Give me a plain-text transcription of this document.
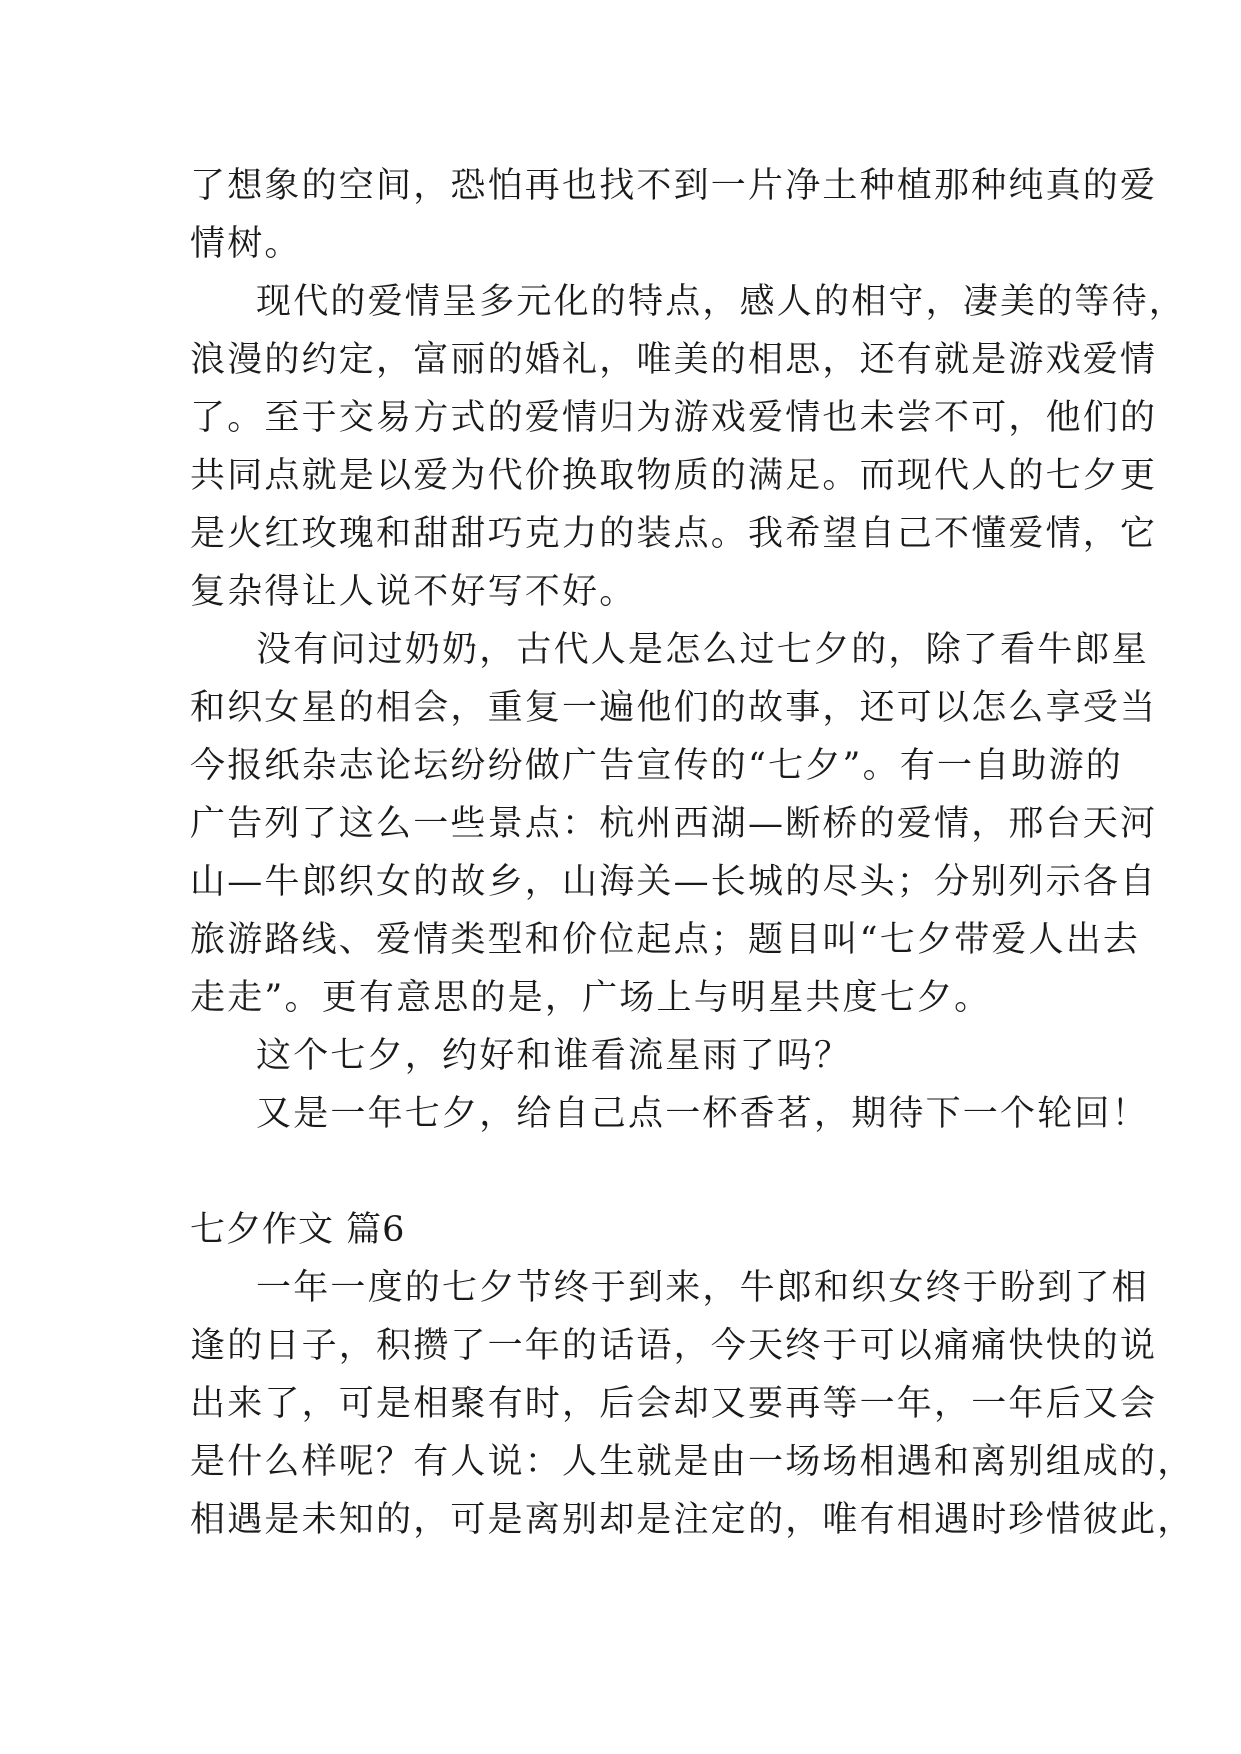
了想象的空间，恐怕再也找不到一片净土种植那种纯真的爱
情树。
现代的爱情呈多元化的特点，感人的相守，凄美的等待，
浪漫的约定，富丽的婚礼，唯美的相思，还有就是游戏爱情
了。至于交易方式的爱情归为游戏爱情也未尝不可，他们的
共同点就是以爱为代价换取物质的满足。而现代人的七夕更
是火红玫瑰和甜甜巧克力的装点。我希望自己不懂爱情，它
复杂得让人说不好写不好。
没有问过奶奶，古代人是怎么过七夕的，除了看牛郎星
和织女星的相会，重复一遍他们的故事，还可以怎么享受当
今报纸杂志论坛纷纷做广告宣传的“七夕”。有一自助游的
广告列了这么一些景点：杭州西湖—断桥的爱情，邢台天河
山—牛郎织女的故乡，山海关—长城的尽头；分别列示各自
旅游路线、爱情类型和价位起点；题目叫“七夕带爱人出去
走走”。更有意思的是，广场上与明星共度七夕。
这个七夕，约好和谁看流星雨了吗？
又是一年七夕，给自己点一杯香茗，期待下一个轮回！
七夕作文 篇6
一年一度的七夕节终于到来，牛郎和织女终于盼到了相
逢的日子，积攒了一年的话语，今天终于可以痛痛快快的说
出来了，可是相聚有时，后会却又要再等一年，一年后又会
是什么样呢？有人说：人生就是由一场场相遇和离别组成的，
相遇是未知的，可是离别却是注定的，唯有相遇时珍惜彼此，
